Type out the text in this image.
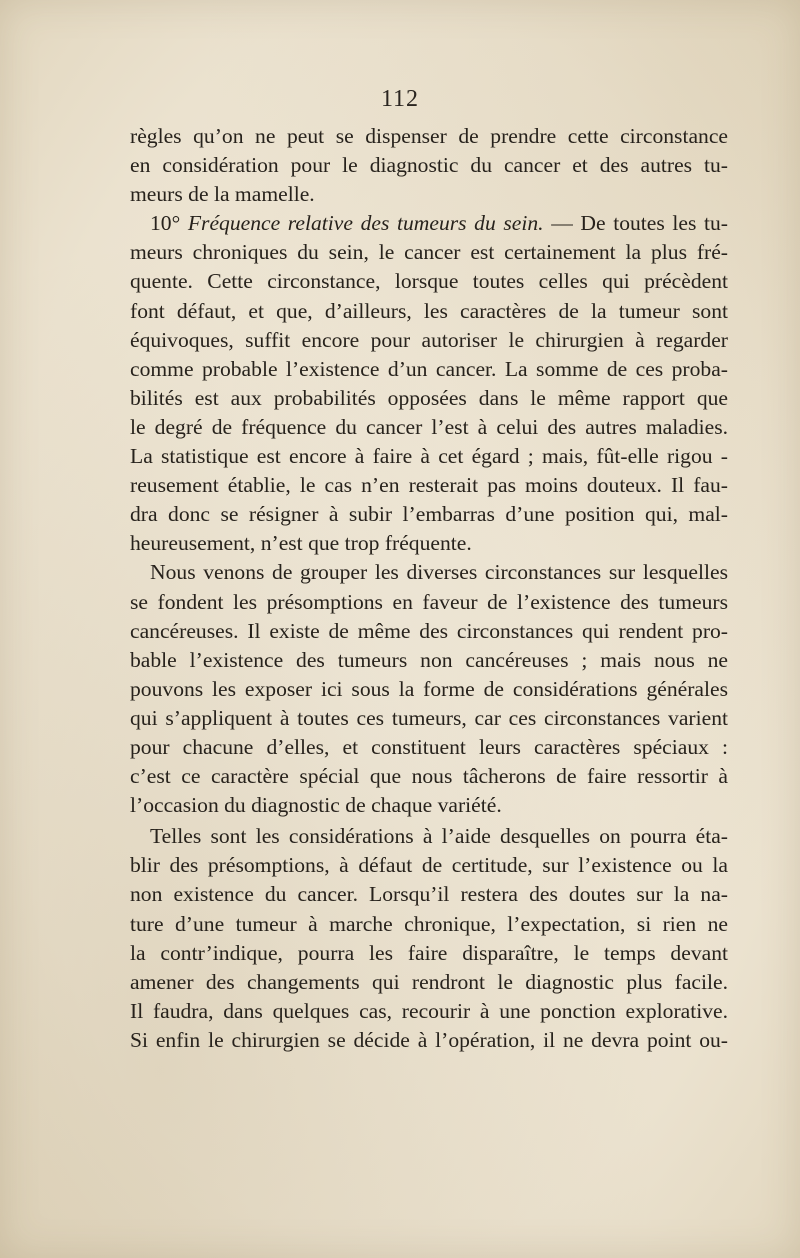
112
règles qu’on ne peut se dispenser de prendre cette circonstance
en considération pour le diagnostic du cancer et des autres tu-
meurs de la mamelle.
10° Fréquence relative des tumeurs du sein. — De toutes les tu-
meurs chroniques du sein, le cancer est certainement la plus fré-
quente. Cette circonstance, lorsque toutes celles qui précèdent
font défaut, et que, d’ailleurs, les caractères de la tumeur sont
équivoques, suffit encore pour autoriser le chirurgien à regarder
comme probable l’existence d’un cancer. La somme de ces proba-
bilités est aux probabilités opposées dans le même rapport que
le degré de fréquence du cancer l’est à celui des autres maladies.
La statistique est encore à faire à cet égard ; mais, fût-elle rigou -
reusement établie, le cas n’en resterait pas moins douteux. Il fau-
dra donc se résigner à subir l’embarras d’une position qui, mal-
heureusement, n’est que trop fréquente.
Nous venons de grouper les diverses circonstances sur lesquelles
se fondent les présomptions en faveur de l’existence des tumeurs
cancéreuses. Il existe de même des circonstances qui rendent pro-
bable l’existence des tumeurs non cancéreuses ; mais nous ne
pouvons les exposer ici sous la forme de considérations générales
qui s’appliquent à toutes ces tumeurs, car ces circonstances varient
pour chacune d’elles, et constituent leurs caractères spéciaux :
c’est ce caractère spécial que nous tâcherons de faire ressortir à
l’occasion du diagnostic de chaque variété.
Telles sont les considérations à l’aide desquelles on pourra éta-
blir des présomptions, à défaut de certitude, sur l’existence ou la
non existence du cancer. Lorsqu’il restera des doutes sur la na-
ture d’une tumeur à marche chronique, l’expectation, si rien ne
la contr’indique, pourra les faire disparaître, le temps devant
amener des changements qui rendront le diagnostic plus facile.
Il faudra, dans quelques cas, recourir à une ponction explorative.
Si enfin le chirurgien se décide à l’opération, il ne devra point ou-
